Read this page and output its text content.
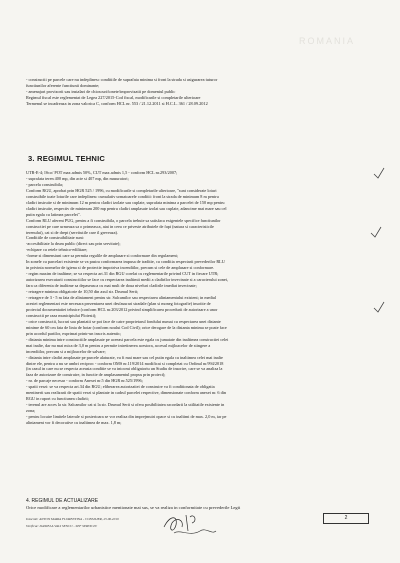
ROMANIA

- constructii pe parcele care nu indeplinesc conditiile de suprafata minima si front la strada si asigurarea tuturor

functiunilor aferente functiunii dominante;

- amenajari provizorii sau instalari de chioscuri/tonete/improvizatii pe domeniul public

Regimul fiscal este reglementat de Legea 227/2015-Cod fiscal, modificarile si completarile ulterioare

Termenul se incadreaza in zona valorica C, conform HCL nr. 553 / 21.12.2011 si H.C.L. 361 / 28.09.2012

3. REGIMUL TEHNIC

UTR-E-4; ISco/ POT max.admis 50%, CUT max.admis 1,5 - conform HCL nr.293/2007;

- suprafata teren 400 mp, din acte si 407 mp, din masuratori;

- parcela construibila;

Conform RGU, aprobat prin HGR 525 / 1996, cu modificarile si completarile ulterioare, "sunt considerate loturi

construibile toate loturile care indeplinesc cumulativ urmatoarele conditii: front la strada de minimum 8 m pentru

cladiri insiruite si de minimum 12 m pentru cladiri izolate sau cuplate, suprafata minima a parcelei de 150 mp pentru

cladiri insiruite, respectiv de minimum 200 mp pentru cladiri amplasate izolat sau cuplate, adancime mai mare sau cel

putin egala cu latimea parcelei".

Conform RLU aferent PUG, pentru a fi construibila, o parcela trebuie sa satisfaca exigentele specifice functiunilor

constructiei pe care urmeaza sa o primeasca, atat in ceea ce priveste atributele de fapt (natura si caracteristicile

terenului), cat si de drept (servitutile care il greveaza).

Conditiile de construibilitate sunt:

-accesibilitate la drum public (direct sau prin servitute);

-echipare cu retele tehnico-edilitare;

-forme si dimensiuni care sa permita regulile de amplasare si conformare din regulament;

In zonele cu parcelari existente se va pastra conformarea impusa de traditie, cu conditia respectarii prevederilor RLU

in privinta normelor de igiena si de protectie impotriva incendiilor, precum si cele de amplasare si conformare.

- regim maxim de inaltime; se va respecta art.31 din RGU corelat cu reglementarile privind CUT in fiecare UTR;

autorizarea executarii constructiilor se face cu respectarea inaltimii medii a cladirilor invecinate si a caracterului zonei,

fara ca diferenta de inaltime sa depaseasca cu mai mult de doua niveluri cladirile imediat invecinate;

- retragere minima obligatorie de 10,50 din axul str. Drumul Serii;

- retragere de 3 - 5 m fata de aliniament pentru str. Salcamilor sau respectarea aliniamentului existent; in mediul

acestei reglementari este necesara prezentarea unei desfasurari stradale (plan si moneg fotografie) insotite de

proiectul documentatiei tehnice (conform HCL nr.203/2012 privind simplificarea procedurii de autorizare a unor

constructii pe raza municipiului Ploiesti);

- orice constructii, lucrari sau plantatii se pot face de catre proprietarul fondului numai cu respectarea unei distante

minime de 60 cm fata de linia de hotar (conform noului Cod Civil); orice derogare de la distanta minima se poate face

prin acordul partilor, exprimat printr-un inscris autentic;

- distanta minima intre constructiile amplasate pe aceeasi parcela este egala cu jumatate din inaltimea constructiei celei

mai inalte, dar nu mai mica de 3,0 m pentru a permite intretinerea acestora, accesul mijloacelor de stingere a

incendiilor, precum si a mijloacelor de salvare;

- distanta intre cladiri amplasate pe parcele alaturate, va fi mai mare sau cel putin egala cu inaltimea celei mai inalte

dintre ele, pentru a nu se umbri reciproc - conform OMS nr.119/2014 modificat si completat cu Ordinul nr.994/2018

(in cazul in care nu se respecta aceasta conditie se va intocmi obligatoriu un Studiu de insorire, care se va analiza la

faza de autorizare de construire, in functie de amplasamentul propus prin proiect);

- nr. de parcaje necesar - conform Anexei nr.5 din HGR nr.525/1996;

- spatii verzi: se va respecta art.34 din RGU; eliberarea autorizatiei de construire va fi conditionata de obligatia

mentinerii sau realizarii de spatii verzi si plantate in cadrul parcelei respective, dimensionate conform anexei nr. 6 din

RGU in raport cu functiunea cladirii;

- terenul are acces la str. Salcamilor cat si la str. Drumul Serii si ofera posibilitatea racordarii la utilitatile existente in

zona;

- pentru locuire limitele laterale si posterioara se vor realiza din imprejmuiri opace si cu inaltimi de max. 2,0 m, iar pe

aliniament vor fi decorative cu inaltimea de max. 1,8 m;

4. REGIMUL DE ACTUALIZARE
Orice modificare a reglementarilor urbanistice mentionate mai sus, se va realiza in conformitate cu prevederile Legii
Intocmit: ANTON MARIA FLORENTINA - CONSILIER, 25.06.2019
Verificat: DANIELA VALI SENCU - SEF SERVICIU
2
